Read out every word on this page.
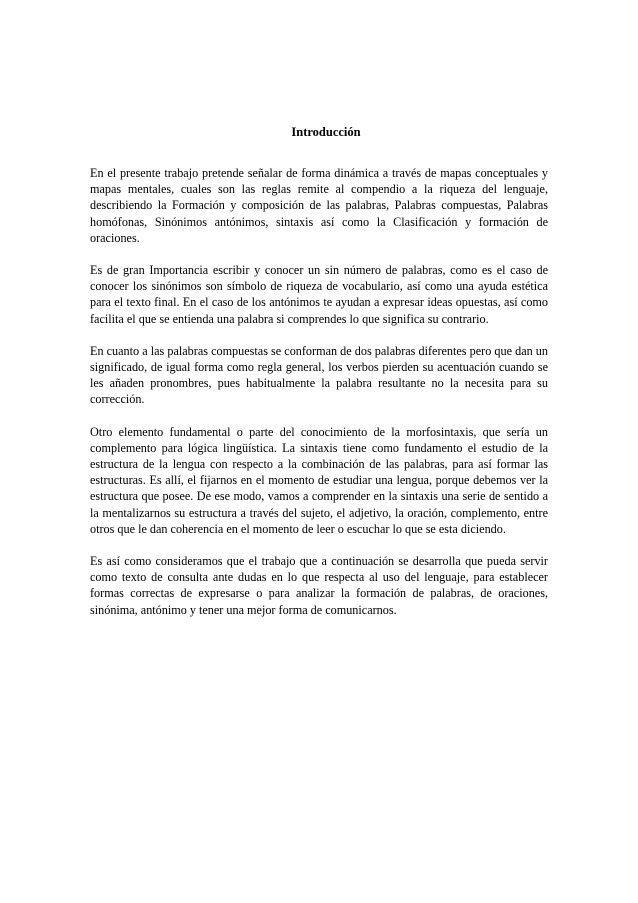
Introducción

En el presente trabajo pretende señalar de forma dinámica a través de mapas conceptuales y mapas mentales, cuales son las reglas remite al compendio a la riqueza del lenguaje, describiendo la Formación y composición de las palabras, Palabras compuestas, Palabras homófonas, Sinónimos antónimos, sintaxis así como la Clasificación y formación de oraciones.

Es de gran Importancia escribir y conocer un sin número de palabras, como es el caso de conocer los sinónimos son símbolo de riqueza de vocabulario, así como una ayuda estética para el texto final. En el caso de los antónimos te ayudan a expresar ideas opuestas, así como facilita el que se entienda una palabra si comprendes lo que significa su contrario.

En cuanto a las palabras compuestas se conforman de dos palabras diferentes pero que dan un significado, de igual forma como regla general, los verbos pierden su acentuación cuando se les añaden pronombres, pues habitualmente la palabra resultante no la necesita para su corrección.

Otro elemento fundamental o parte del conocimiento de la morfosintaxis, que sería un complemento para lógica lingüística. La sintaxis tiene como fundamento el estudio de la estructura de la lengua con respecto a la combinación de las palabras, para así formar las estructuras. Es allí, el fijarnos en el momento de estudiar una lengua, porque debemos ver la estructura que posee. De ese modo, vamos a comprender en la sintaxis una serie de sentido a la mentalizarnos su estructura a través del sujeto, el adjetivo, la oración, complemento, entre otros que le dan coherencia en el momento de leer o escuchar lo que se esta diciendo.

Es así como consideramos que el trabajo que a continuación se desarrolla que pueda servir como texto de consulta ante dudas en lo que respecta al uso del lenguaje, para establecer formas correctas de expresarse o para analizar la formación de palabras, de oraciones, sinónima, antónimo y tener una mejor forma de comunicarnos.
